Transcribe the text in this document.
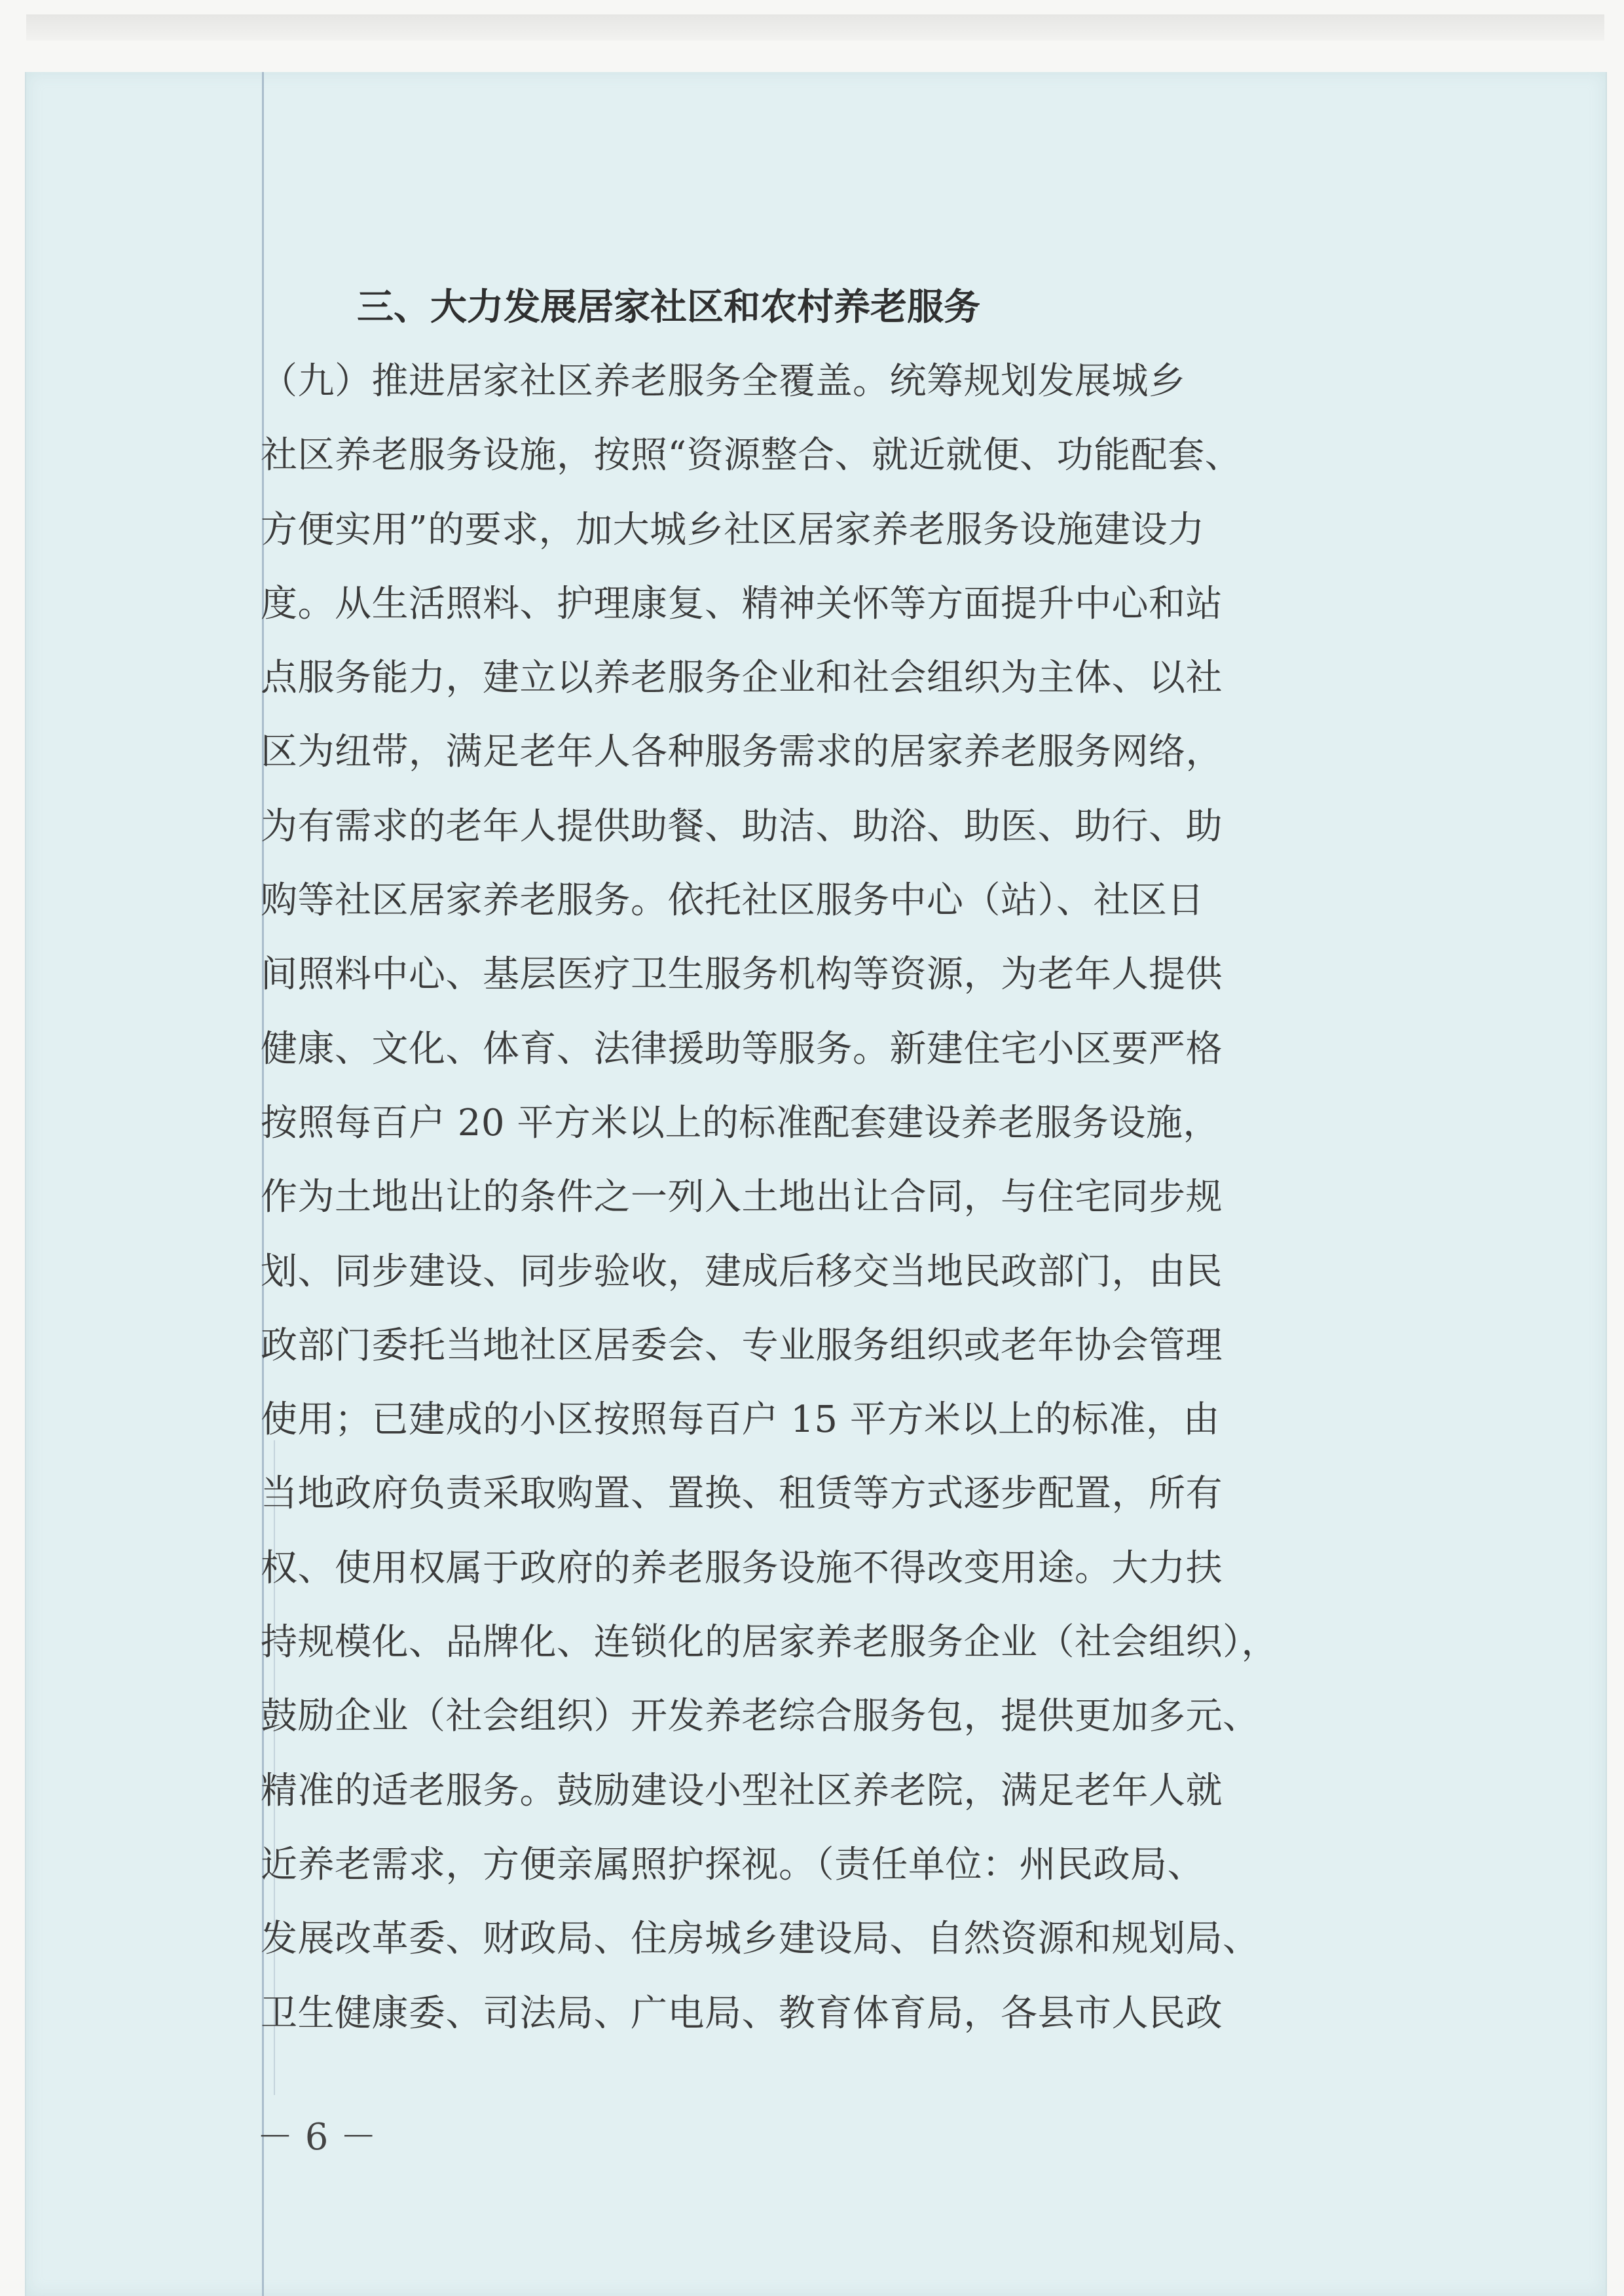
三、大力发展居家社区和农村养老服务
（九）推进居家社区养老服务全覆盖。统筹规划发展城乡
社区养老服务设施，按照“资源整合、就近就便、功能配套、
方便实用”的要求，加大城乡社区居家养老服务设施建设力
度。从生活照料、护理康复、精神关怀等方面提升中心和站
点服务能力，建立以养老服务企业和社会组织为主体、以社
区为纽带，满足老年人各种服务需求的居家养老服务网络，
为有需求的老年人提供助餐、助洁、助浴、助医、助行、助
购等社区居家养老服务。依托社区服务中心（站）、社区日
间照料中心、基层医疗卫生服务机构等资源，为老年人提供
健康、文化、体育、法律援助等服务。新建住宅小区要严格
按照每百户 20 平方米以上的标准配套建设养老服务设施，
作为土地出让的条件之一列入土地出让合同，与住宅同步规
划、同步建设、同步验收，建成后移交当地民政部门，由民
政部门委托当地社区居委会、专业服务组织或老年协会管理
使用；已建成的小区按照每百户 15 平方米以上的标准，由
当地政府负责采取购置、置换、租赁等方式逐步配置，所有
权、使用权属于政府的养老服务设施不得改变用途。大力扶
持规模化、品牌化、连锁化的居家养老服务企业（社会组织），
鼓励企业（社会组织）开发养老综合服务包，提供更加多元、
精准的适老服务。鼓励建设小型社区养老院，满足老年人就
近养老需求，方便亲属照护探视。（责任单位：州民政局、
发展改革委、财政局、住房城乡建设局、自然资源和规划局、
卫生健康委、司法局、广电局、教育体育局，各县市人民政
－ 6 －
